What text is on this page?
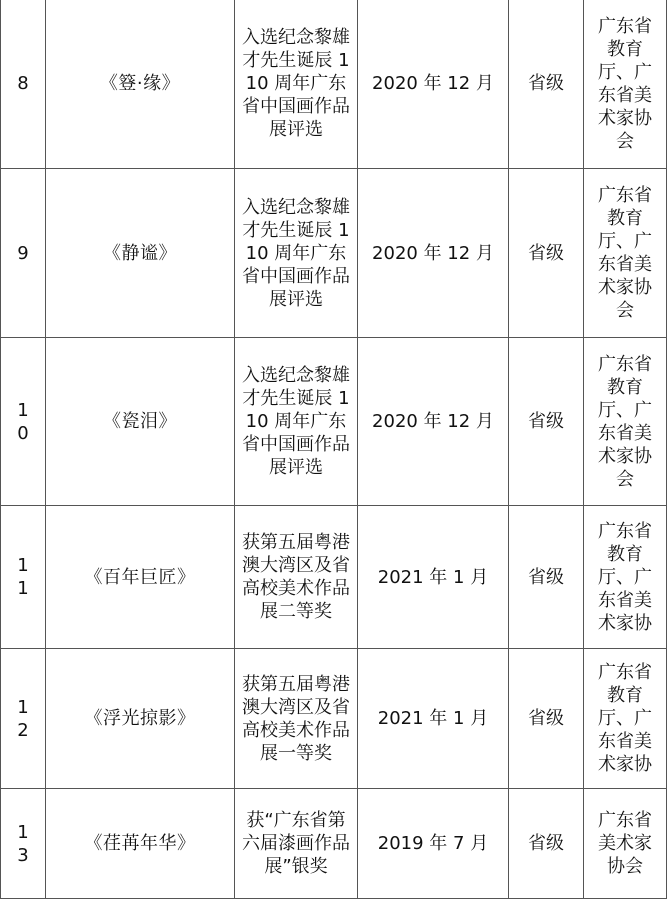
8	《簦·缘》	入选纪念黎雄才先生诞辰 110 周年广东省中国画作品展评选	2020 年 12 月	省级	广东省教育厅、广东省美术家协会

9	《静谧》	入选纪念黎雄才先生诞辰 110 周年广东省中国画作品展评选	2020 年 12 月	省级	广东省教育厅、广东省美术家协会

10	《瓷泪》	入选纪念黎雄才先生诞辰 110 周年广东省中国画作品展评选	2020 年 12 月	省级	广东省教育厅、广东省美术家协会

11	《百年巨匠》	获第五届粤港澳大湾区及省高校美术作品展二等奖	2021 年 1 月	省级	广东省教育厅、广东省美术家协

12	《浮光掠影》	获第五届粤港澳大湾区及省高校美术作品展一等奖	2021 年 1 月	省级	广东省教育厅、广东省美术家协

13	《荏苒年华》	获“广东省第六届漆画作品展”银奖	2019 年 7 月	省级	广东省美术家协会
